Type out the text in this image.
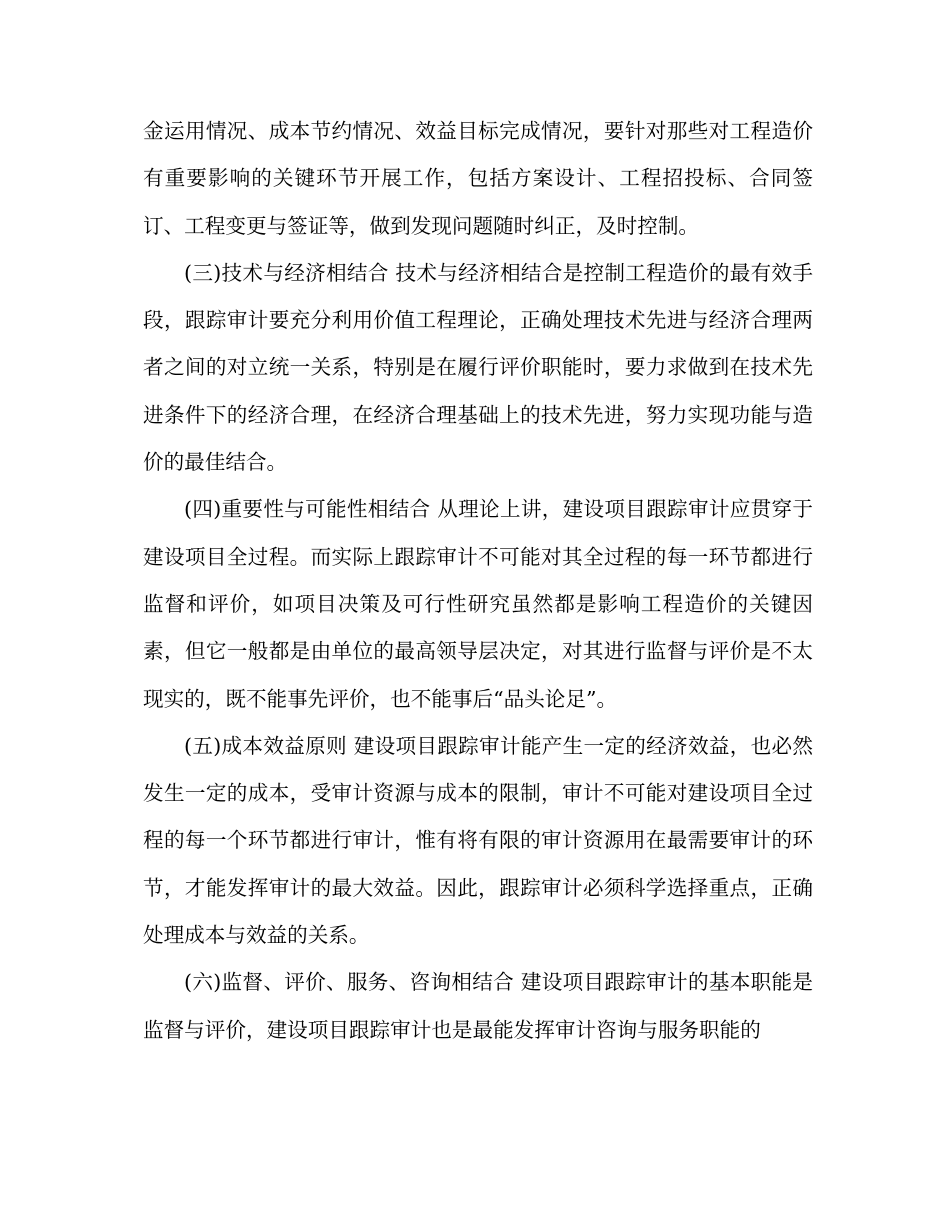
金运用情况、成本节约情况、效益目标完成情况，要针对那些对工程造价有重要影响的关键环节开展工作，包括方案设计、工程招投标、合同签订、工程变更与签证等，做到发现问题随时纠正，及时控制。

(三)技术与经济相结合 技术与经济相结合是控制工程造价的最有效手段，跟踪审计要充分利用价值工程理论，正确处理技术先进与经济合理两者之间的对立统一关系，特别是在履行评价职能时，要力求做到在技术先进条件下的经济合理，在经济合理基础上的技术先进，努力实现功能与造价的最佳结合。

(四)重要性与可能性相结合 从理论上讲，建设项目跟踪审计应贯穿于建设项目全过程。而实际上跟踪审计不可能对其全过程的每一环节都进行监督和评价，如项目决策及可行性研究虽然都是影响工程造价的关键因素，但它一般都是由单位的最高领导层决定，对其进行监督与评价是不太现实的，既不能事先评价，也不能事后“品头论足”。

(五)成本效益原则 建设项目跟踪审计能产生一定的经济效益，也必然发生一定的成本，受审计资源与成本的限制，审计不可能对建设项目全过程的每一个环节都进行审计，惟有将有限的审计资源用在最需要审计的环节，才能发挥审计的最大效益。因此，跟踪审计必须科学选择重点，正确处理成本与效益的关系。

(六)监督、评价、服务、咨询相结合 建设项目跟踪审计的基本职能是监督与评价，建设项目跟踪审计也是最能发挥审计咨询与服务职能的
